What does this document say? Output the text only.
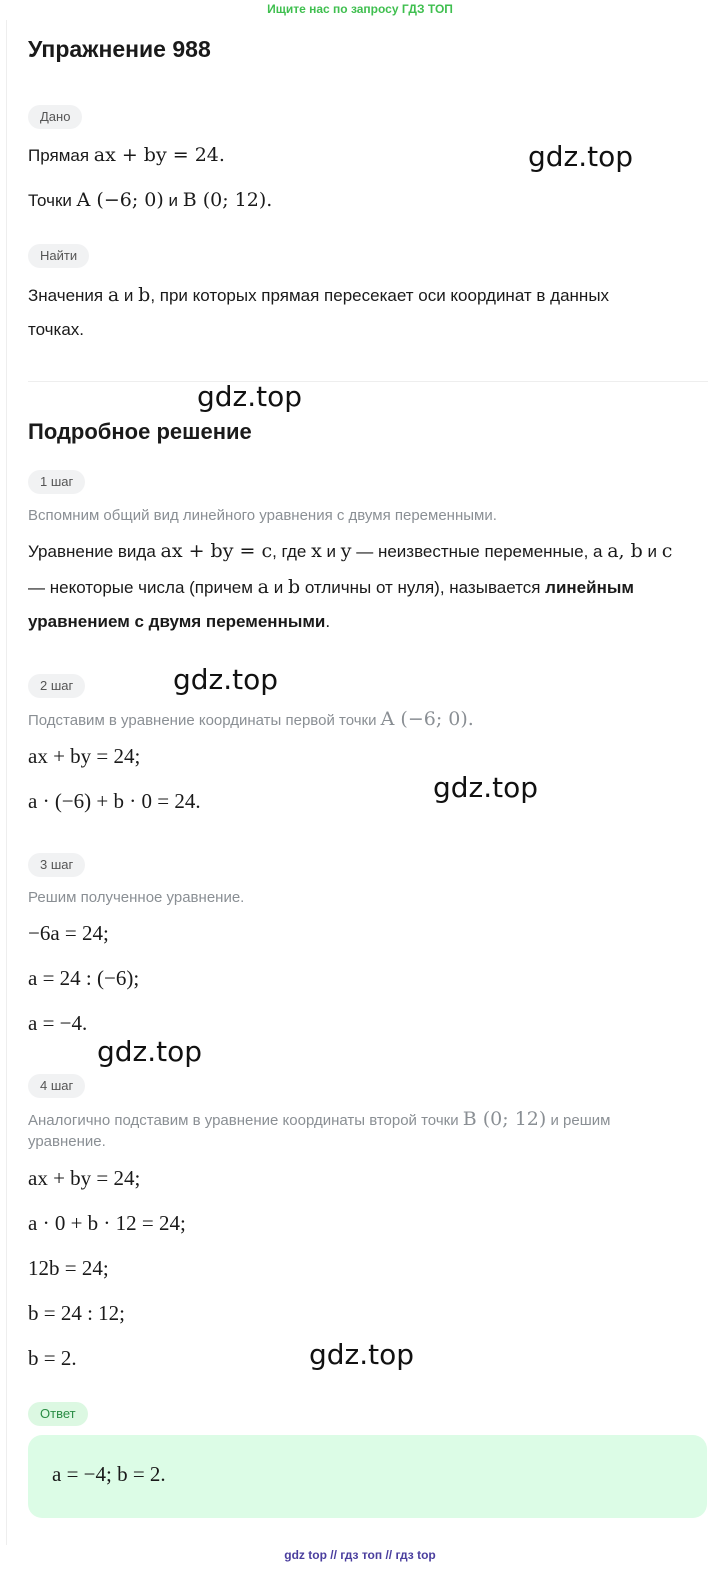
Ищите нас по запросу ГДЗ ТОП
Упражнение 988
Дано
Прямая ax + by = 24.
Точки A (−6; 0) и B (0; 12).
Найти
Значения a и b, при которых прямая пересекает оси координат в данных
точках.
Подробное решение
1 шаг
Вспомним общий вид линейного уравнения с двумя переменными.
Уравнение вида ax + by = c, где x и y — неизвестные переменные, а a, b и c
— некоторые числа (причем a и b отличны от нуля), называется линейным
уравнением с двумя переменными.
2 шаг
Подставим в уравнение координаты первой точки A (−6; 0).
ax + by = 24;
a · (−6) + b · 0 = 24.
3 шаг
Решим полученное уравнение.
−6a = 24;
a = 24 : (−6);
a = −4.
4 шаг
Аналогично подставим в уравнение координаты второй точки B (0; 12) и решим
уравнение.
ax + by = 24;
a · 0 + b · 12 = 24;
12b = 24;
b = 24 : 12;
b = 2.
Ответ
a = −4; b = 2.
gdz.top
gdz.top
gdz.top
gdz.top
gdz.top
gdz.top
gdz top // гдз топ // гдз top
